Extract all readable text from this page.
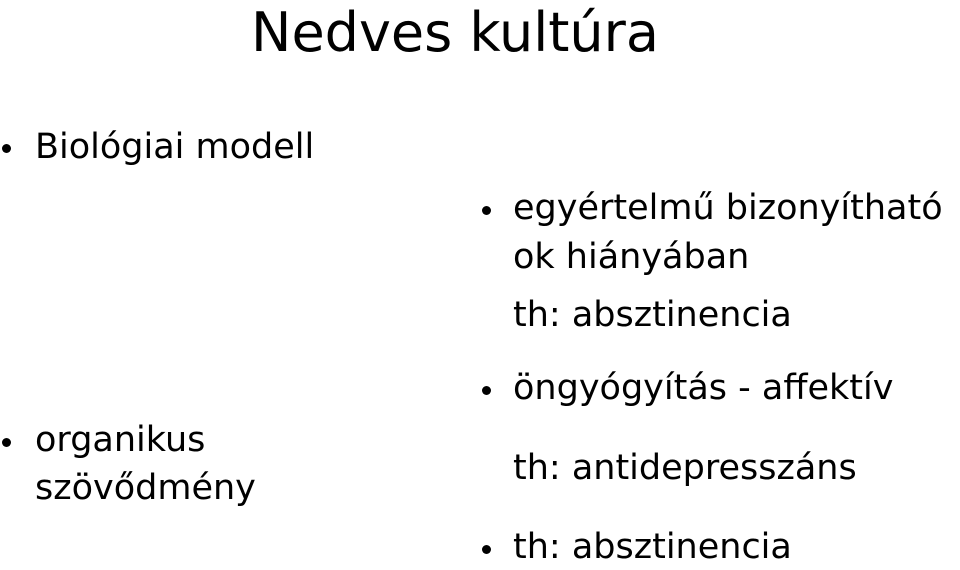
Nedves kultúra
Biológiai modell
organikus
szövődmény
egyértelmű bizonyítható
ok hiányában
th: absztinencia
öngyógyítás - affektív
th: antidepresszáns
th: absztinencia
